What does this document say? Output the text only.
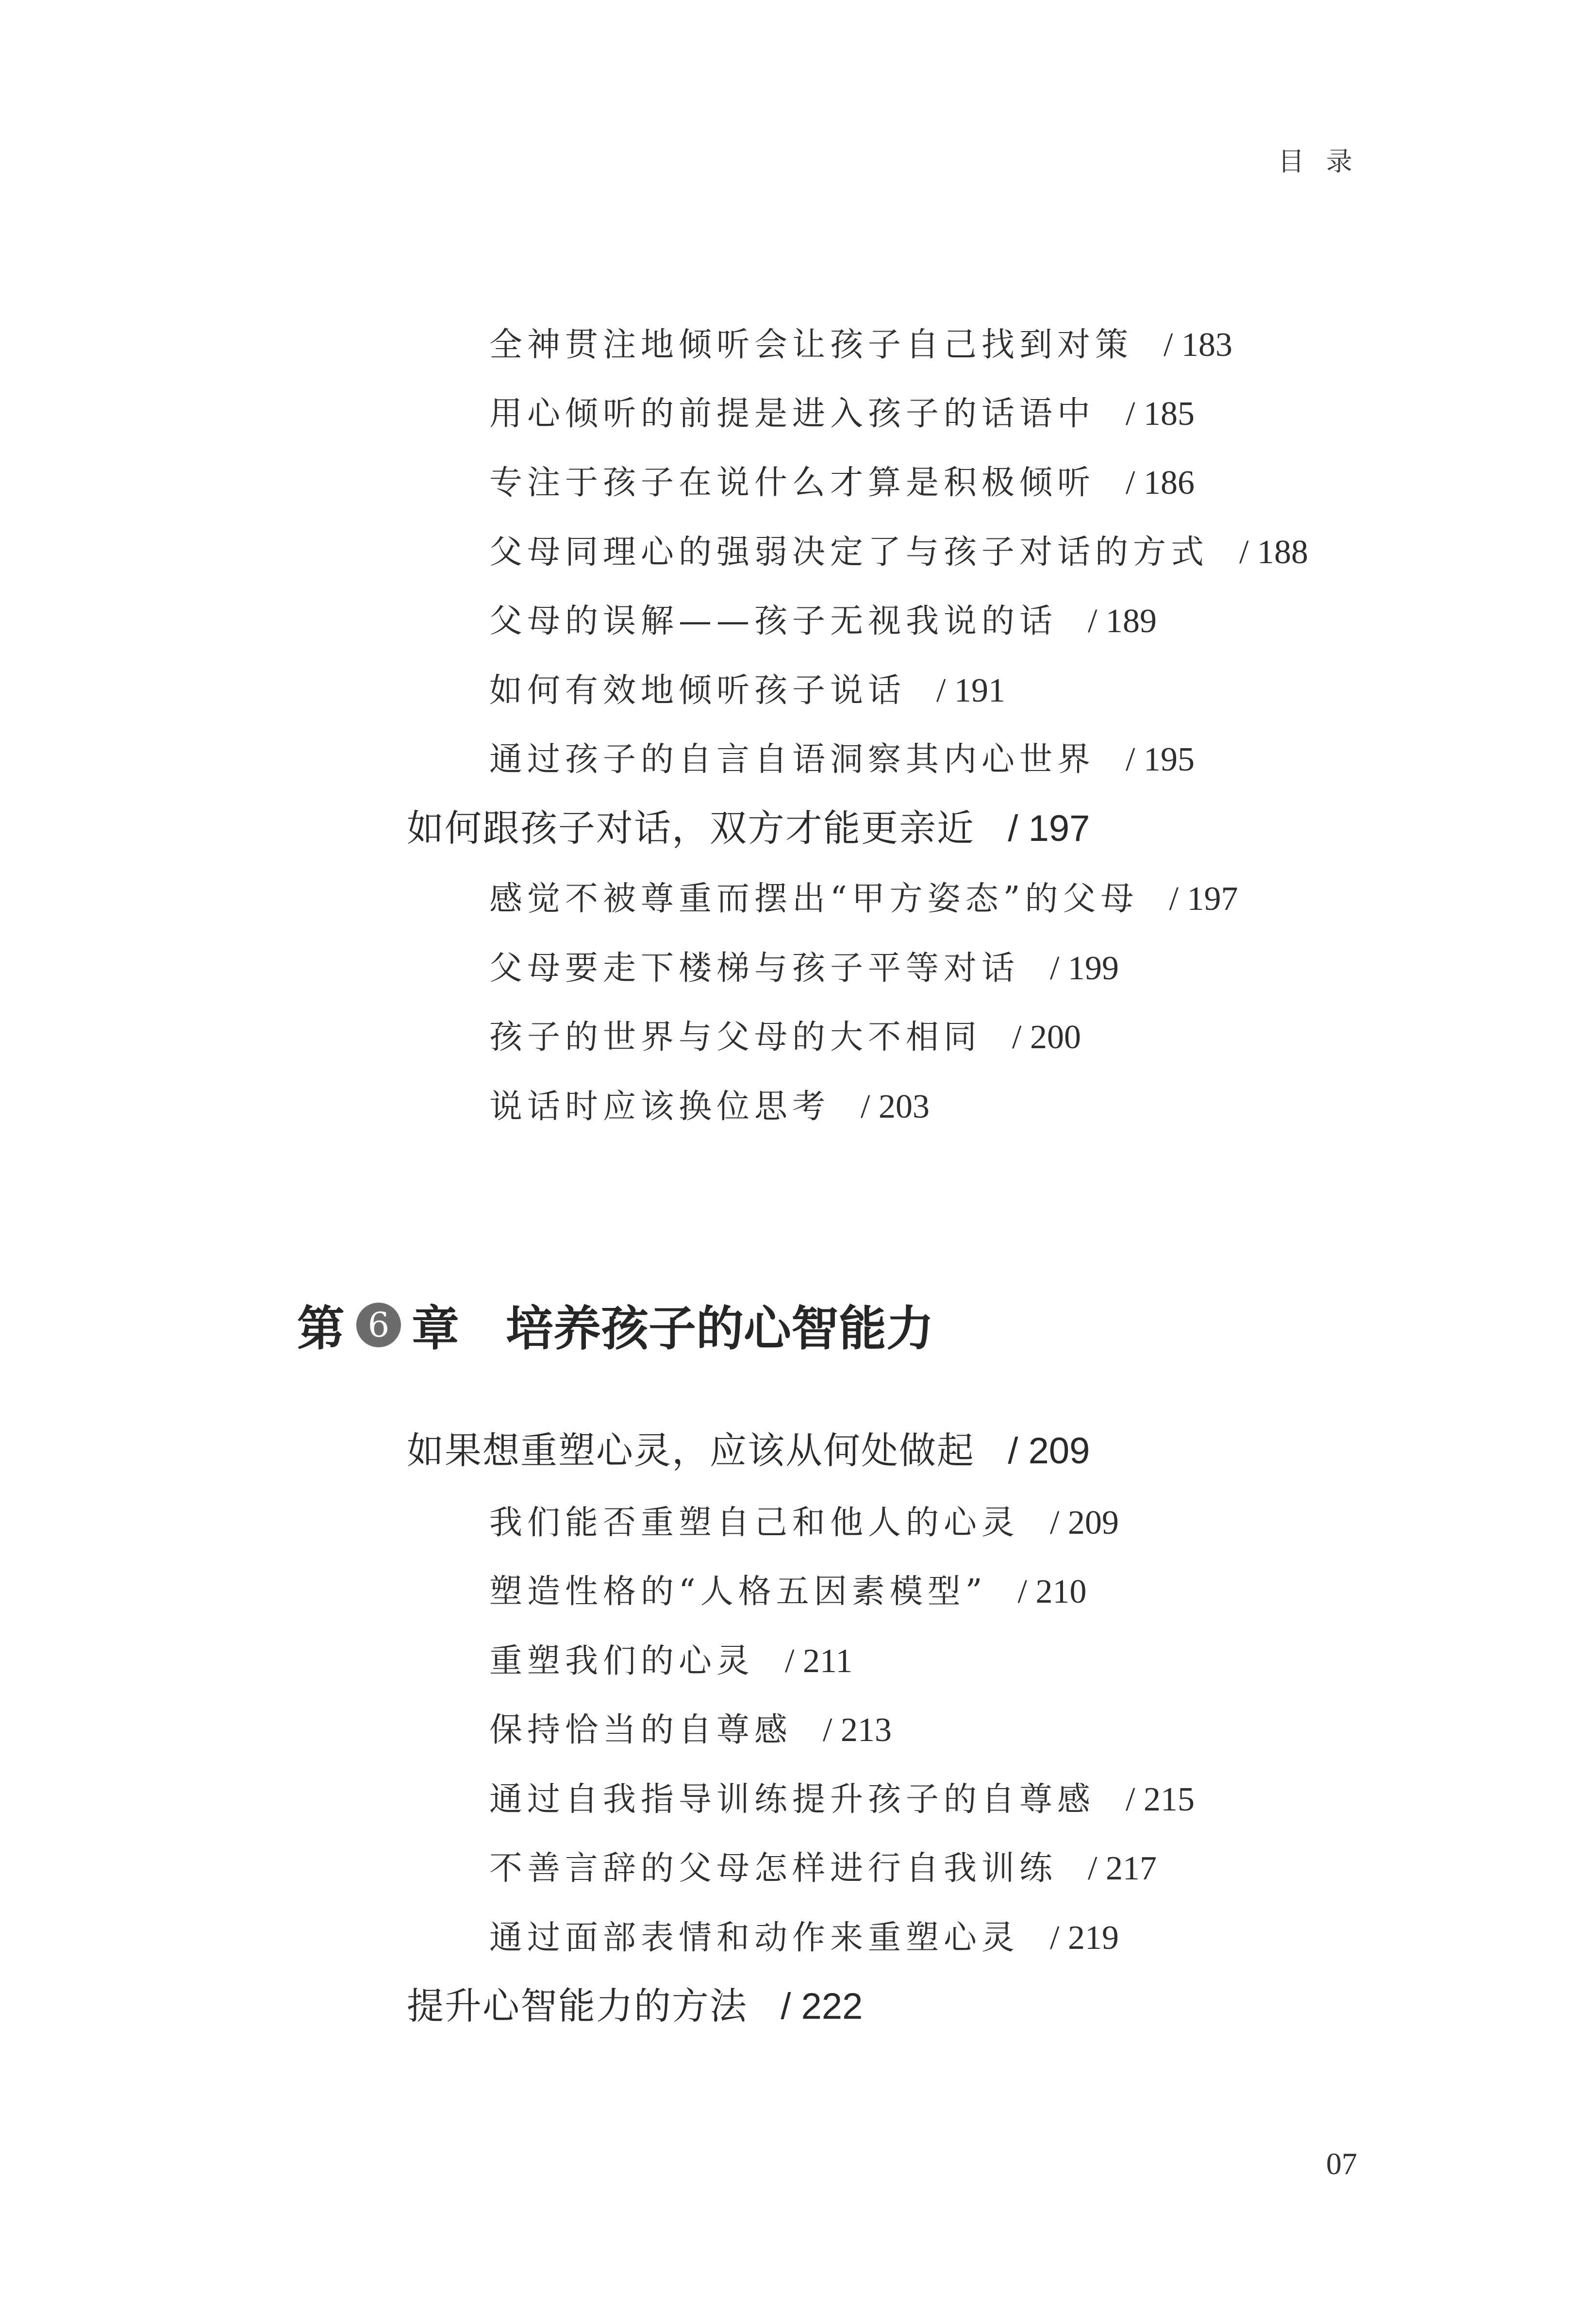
目 录
全神贯注地倾听会让孩子自己找到对策 / 183
用心倾听的前提是进入孩子的话语中 / 185
专注于孩子在说什么才算是积极倾听 / 186
父母同理心的强弱决定了与孩子对话的方式 / 188
父母的误解——孩子无视我说的话 / 189
如何有效地倾听孩子说话 / 191
通过孩子的自言自语洞察其内心世界 / 195
如何跟孩子对话，双方才能更亲近 / 197
感觉不被尊重而摆出“甲方姿态”的父母 / 197
父母要走下楼梯与孩子平等对话 / 199
孩子的世界与父母的大不相同 / 200
说话时应该换位思考 / 203
第 6 章 培养孩子的心智能力
如果想重塑心灵，应该从何处做起 / 209
我们能否重塑自己和他人的心灵 / 209
塑造性格的“人格五因素模型” / 210
重塑我们的心灵 / 211
保持恰当的自尊感 / 213
通过自我指导训练提升孩子的自尊感 / 215
不善言辞的父母怎样进行自我训练 / 217
通过面部表情和动作来重塑心灵 / 219
提升心智能力的方法 / 222
07
